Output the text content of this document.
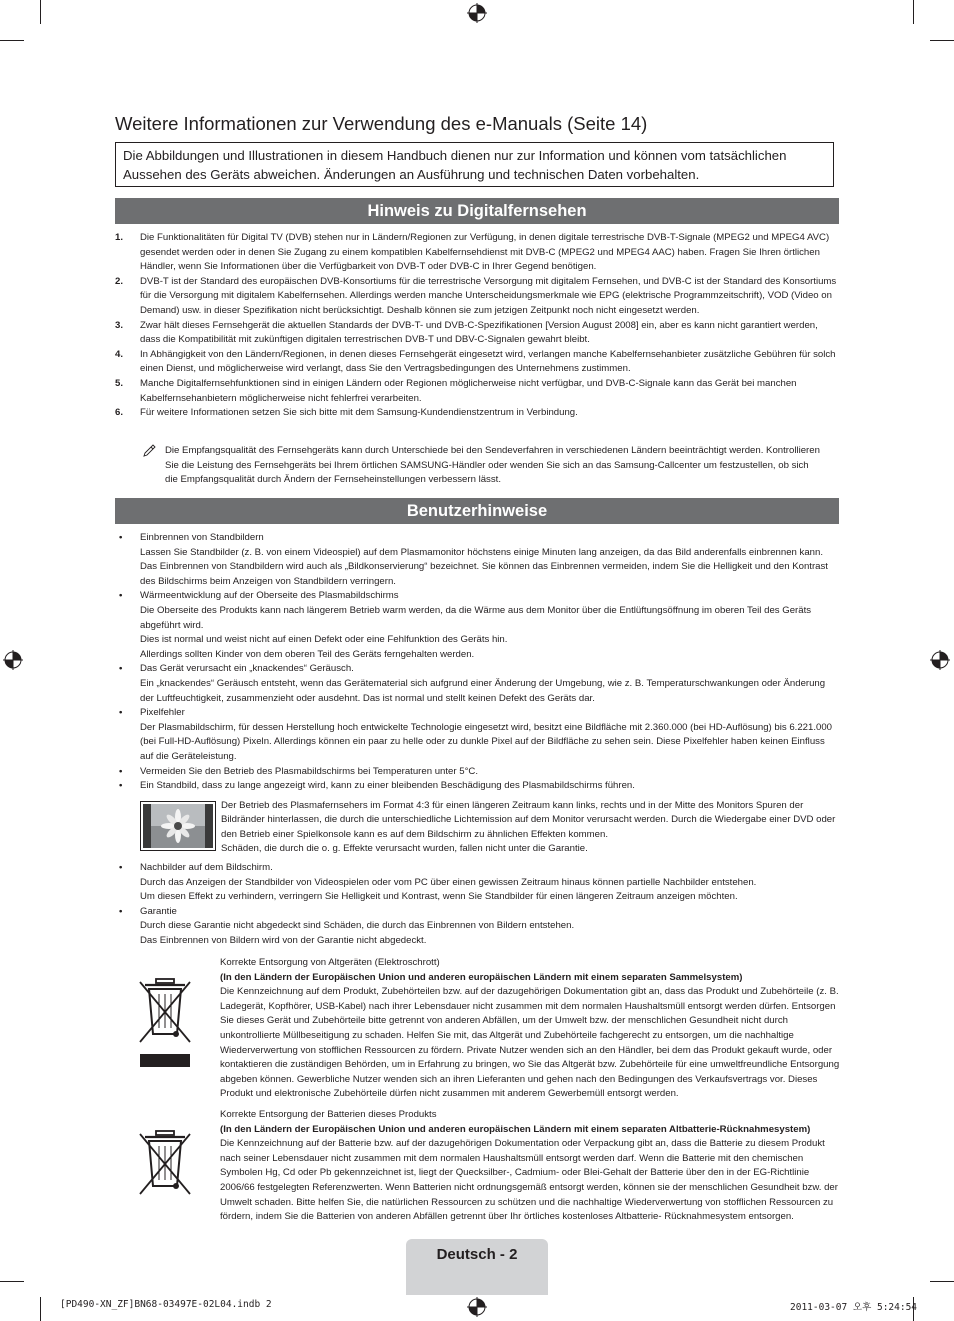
Weitere Informationen zur Verwendung des e-Manuals (Seite 14)
Die Abbildungen und Illustrationen in diesem Handbuch dienen nur zur Information und können vom tatsächlichen Aussehen des Geräts abweichen. Änderungen an Ausführung und technischen Daten vorbehalten.
Hinweis zu Digitalfernsehen
1.	Die Funktionalitäten für Digital TV (DVB) stehen nur in Ländern/Regionen zur Verfügung, in denen digitale terrestrische DVB-T-Signale (MPEG2 und MPEG4 AVC) gesendet werden oder in denen Sie Zugang zu einem kompatiblen Kabelfernsehdienst mit DVB-C (MPEG2 und MPEG4 AAC) haben. Fragen Sie Ihren örtlichen Händler, wenn Sie Informationen über die Verfügbarkeit von DVB-T oder DVB-C in Ihrer Gegend benötigen.
2.	DVB-T ist der Standard des europäischen DVB-Konsortiums für die terrestrische Versorgung mit digitalem Fernsehen, und DVB-C ist der Standard des Konsortiums für die Versorgung mit digitalem Kabelfernsehen. Allerdings werden manche Unterscheidungsmerkmale wie EPG (elektrische Programmzeitschrift), VOD (Video on Demand) usw. in dieser Spezifikation nicht berücksichtigt. Deshalb können sie zum jetzigen Zeitpunkt noch nicht eingesetzt werden.
3.	Zwar hält dieses Fernsehgerät die aktuellen Standards der DVB-T- und DVB-C-Spezifikationen [Version August 2008] ein, aber es kann nicht garantiert werden, dass die Kompatibilität mit zukünftigen digitalen terrestrischen DVB-T und DBV-C-Signalen gewahrt bleibt.
4.	In Abhängigkeit von den Ländern/Regionen, in denen dieses Fernsehgerät eingesetzt wird, verlangen manche Kabelfernsehanbieter zusätzliche Gebühren für solch einen Dienst, und möglicherweise wird verlangt, dass Sie den Vertragsbedingungen des Unternehmens zustimmen.
5.	Manche Digitalfernsehfunktionen sind in einigen Ländern oder Regionen möglicherweise nicht verfügbar, und DVB-C-Signale kann das Gerät bei manchen Kabelfernsehanbietern möglicherweise nicht fehlerfrei verarbeiten.
6.	Für weitere Informationen setzen Sie sich bitte mit dem Samsung-Kundendienstzentrum in Verbindung.
Die Empfangsqualität des Fernsehgeräts kann durch Unterschiede bei den Sendeverfahren in verschiedenen Ländern beeinträchtigt werden. Kontrollieren Sie die Leistung des Fernsehgeräts bei Ihrem örtlichen SAMSUNG-Händler oder wenden Sie sich an das Samsung-Callcenter um festzustellen, ob sich die Empfangsqualität durch Ändern der Fernseheinstellungen verbessern lässt.
Benutzerhinweise
•	Einbrennen von Standbildern
Lassen Sie Standbilder (z. B. von einem Videospiel) auf dem Plasmamonitor höchstens einige Minuten lang anzeigen, da das Bild anderenfalls einbrennen kann. Das Einbrennen von Standbildern wird auch als „Bildkonservierung“ bezeichnet. Sie können das Einbrennen vermeiden, indem Sie die Helligkeit und den Kontrast des Bildschirms beim Anzeigen von Standbildern verringern.
•	Wärmeentwicklung auf der Oberseite des Plasmabildschirms
Die Oberseite des Produkts kann nach längerem Betrieb warm werden, da die Wärme aus dem Monitor über die Entlüftungsöffnung im oberen Teil des Geräts abgeführt wird.
Dies ist normal und weist nicht auf einen Defekt oder eine Fehlfunktion des Geräts hin.
Allerdings sollten Kinder von dem oberen Teil des Geräts ferngehalten werden.
•	Das Gerät verursacht ein „knackendes“ Geräusch.
Ein „knackendes“ Geräusch entsteht, wenn das Gerätematerial sich aufgrund einer Änderung der Umgebung, wie z. B. Temperaturschwankungen oder Änderung der Luftfeuchtigkeit, zusammenzieht oder ausdehnt. Das ist normal und stellt keinen Defekt des Geräts dar.
•	Pixelfehler
Der Plasmabildschirm, für dessen Herstellung hoch entwickelte Technologie eingesetzt wird, besitzt eine Bildfläche mit 2.360.000 (bei HD-Auflösung) bis 6.221.000 (bei Full-HD-Auflösung) Pixeln. Allerdings können ein paar zu helle oder zu dunkle Pixel auf der Bildfläche zu sehen sein. Diese Pixelfehler haben keinen Einfluss auf die Geräteleistung.
•	Vermeiden Sie den Betrieb des Plasmabildschirms bei Temperaturen unter 5°C.
•	Ein Standbild, dass zu lange angezeigt wird, kann zu einer bleibenden Beschädigung des Plasmabildschirms führen.
Der Betrieb des Plasmafernsehers im Format 4:3 für einen längeren Zeitraum kann links, rechts und in der Mitte des Monitors Spuren der Bildränder hinterlassen, die durch die unterschiedliche Lichtemission auf dem Monitor verursacht werden. Durch die Wiedergabe einer DVD oder den Betrieb einer Spielkonsole kann es auf dem Bildschirm zu ähnlichen Effekten kommen.
Schäden, die durch die o. g. Effekte verursacht wurden, fallen nicht unter die Garantie.
•	Nachbilder auf dem Bildschirm.
Durch das Anzeigen der Standbilder von Videospielen oder vom PC über einen gewissen Zeitraum hinaus können partielle Nachbilder entstehen.
Um diesen Effekt zu verhindern, verringern Sie Helligkeit und Kontrast, wenn Sie Standbilder für einen längeren Zeitraum anzeigen möchten.
•	Garantie
Durch diese Garantie nicht abgedeckt sind Schäden, die durch das Einbrennen von Bildern entstehen.
Das Einbrennen von Bildern wird von der Garantie nicht abgedeckt.
Korrekte Entsorgung von Altgeräten (Elektroschrott)
(In den Ländern der Europäischen Union und anderen europäischen Ländern mit einem separaten Sammelsystem)
Die Kennzeichnung auf dem Produkt, Zubehörteilen bzw. auf der dazugehörigen Dokumentation gibt an, dass das Produkt und Zubehörteile (z. B. Ladegerät, Kopfhörer, USB-Kabel) nach ihrer Lebensdauer nicht zusammen mit dem normalen Haushaltsmüll entsorgt werden dürfen. Entsorgen Sie dieses Gerät und Zubehörteile bitte getrennt von anderen Abfällen, um der Umwelt bzw. der menschlichen Gesundheit nicht durch unkontrollierte Müllbeseitigung zu schaden. Helfen Sie mit, das Altgerät und Zubehörteile fachgerecht zu entsorgen, um die nachhaltige Wiederverwertung von stofflichen Ressourcen zu fördern. Private Nutzer wenden sich an den Händler, bei dem das Produkt gekauft wurde, oder kontaktieren die zuständigen Behörden, um in Erfahrung zu bringen, wo Sie das Altgerät bzw. Zubehörteile für eine umweltfreundliche Entsorgung abgeben können. Gewerbliche Nutzer wenden sich an ihren Lieferanten und gehen nach den Bedingungen des Verkaufsvertrags vor. Dieses Produkt und elektronische Zubehörteile dürfen nicht zusammen mit anderem Gewerbemüll entsorgt werden.
Korrekte Entsorgung der Batterien dieses Produkts
(In den Ländern der Europäischen Union und anderen europäischen Ländern mit einem separaten Altbatterie-Rücknahmesystem)
Die Kennzeichnung auf der Batterie bzw. auf der dazugehörigen Dokumentation oder Verpackung gibt an, dass die Batterie zu diesem Produkt nach seiner Lebensdauer nicht zusammen mit dem normalen Haushaltsmüll entsorgt werden darf. Wenn die Batterie mit den chemischen Symbolen Hg, Cd oder Pb gekennzeichnet ist, liegt der Quecksilber-, Cadmium- oder Blei-Gehalt der Batterie über den in der EG-Richtlinie 2006/66 festgelegten Referenzwerten. Wenn Batterien nicht ordnungsgemäß entsorgt werden, können sie der menschlichen Gesundheit bzw. der Umwelt schaden. Bitte helfen Sie, die natürlichen Ressourcen zu schützen und die nachhaltige Wiederverwertung von stofflichen Ressourcen zu fördern, indem Sie die Batterien von anderen Abfällen getrennt über Ihr örtliches kostenloses Altbatterie- Rücknahmesystem entsorgen.
Deutsch - 2
[PD490-XN_ZF]BN68-03497E-02L04.indb 2	2011-03-07 오후 5:24:54
